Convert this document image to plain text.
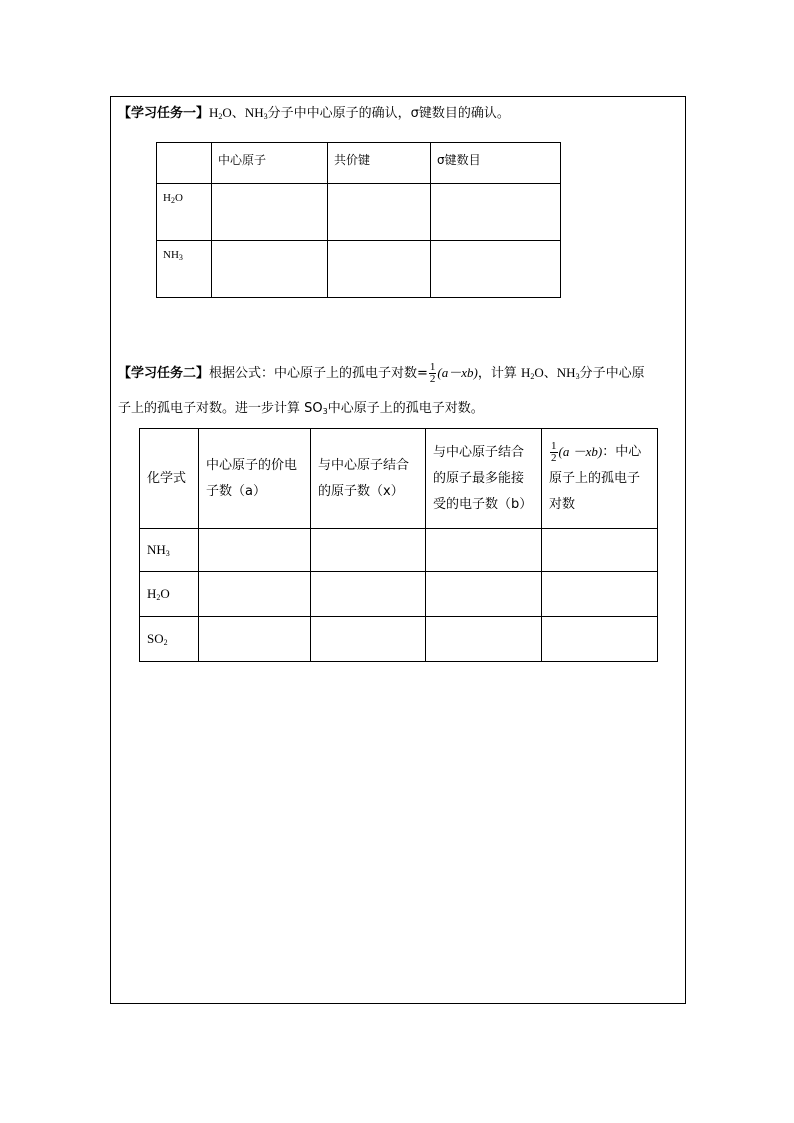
【学习任务一】$H_2O$、$NH_3$分子中中心原子的确认，σ键数目的确认。
	中心原子	共价键	σ键数目
$H_2O$			
$NH_3$			
【学习任务二】根据公式：中心原子上的孤电子对数= $\frac{1}{2} (a-xb)$，计算 $H_2O$、$NH_3$分子中心原
子上的孤电子对数。进一步计算 $SO_3$中心原子上的孤电子对数。
化学式	中心原子的价电子数（a）	与中心原子结合的原子数（x）	与中心原子结合的原子最多能接受的电子数（b）	$\frac{1}{2} (a -xb)$：中心原子上的孤电子对数
$NH_3$				
$H_2O$				
$SO_2$				
